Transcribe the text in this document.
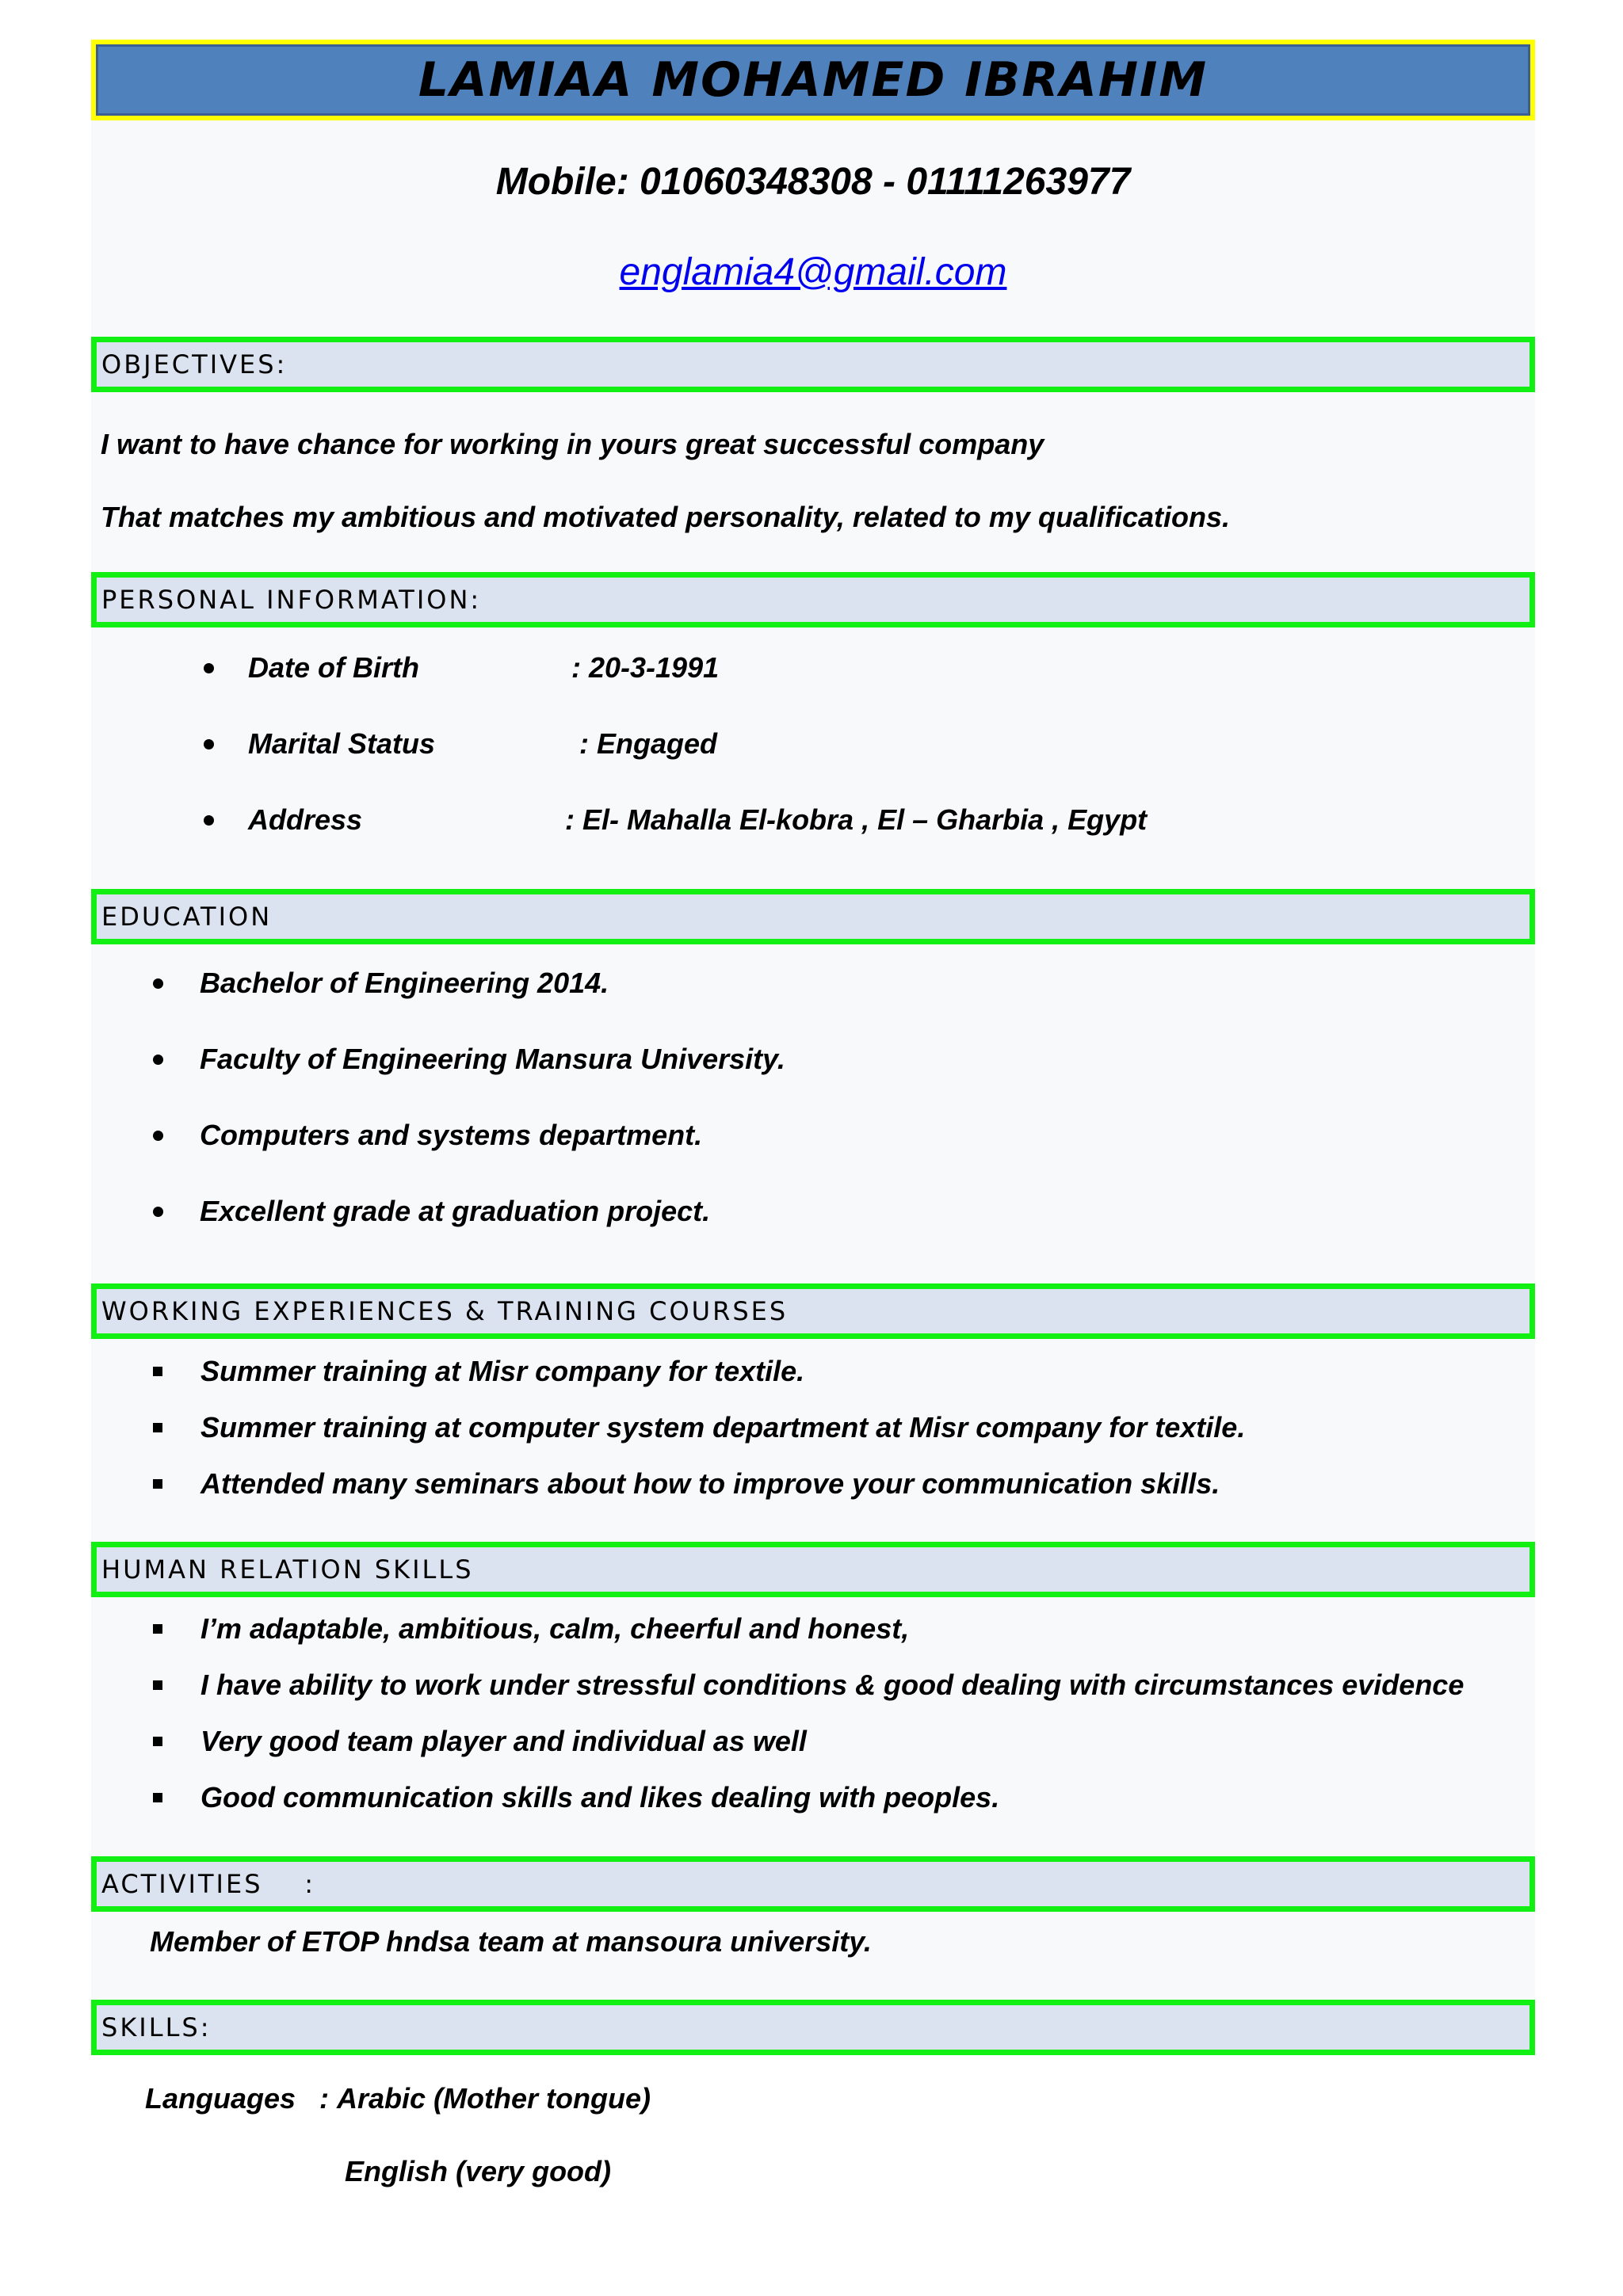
LAMIAA MOHAMED IBRAHIM
Mobile: 01060348308 - 01111263977
englamia4@gmail.com
OBJECTIVES:
I want to have chance for working in yours great successful company
That matches my ambitious and motivated personality, related to my qualifications.
PERSONAL INFORMATION:
Date of Birth	: 20-3-1991
Marital Status	: Engaged
Address	: El- Mahalla El-kobra , El – Gharbia , Egypt
EDUCATION
Bachelor of Engineering 2014.
Faculty of Engineering Mansura University.
Computers and systems department.
Excellent grade at graduation project.
WORKING EXPERIENCES & TRAINING COURSES
Summer training at Misr company for textile.
Summer training at computer system department at Misr company for textile.
Attended many seminars about how to improve your communication skills.
HUMAN RELATION SKILLS
I’m adaptable, ambitious, calm, cheerful and honest,
I have ability to work under stressful conditions & good dealing with circumstances evidence
Very good team player and individual as well
Good communication skills and likes dealing with peoples.
ACTIVITIES    :
Member of ETOP hndsa team at mansoura university.
SKILLS:
Languages   : Arabic (Mother tongue)
English (very good)
